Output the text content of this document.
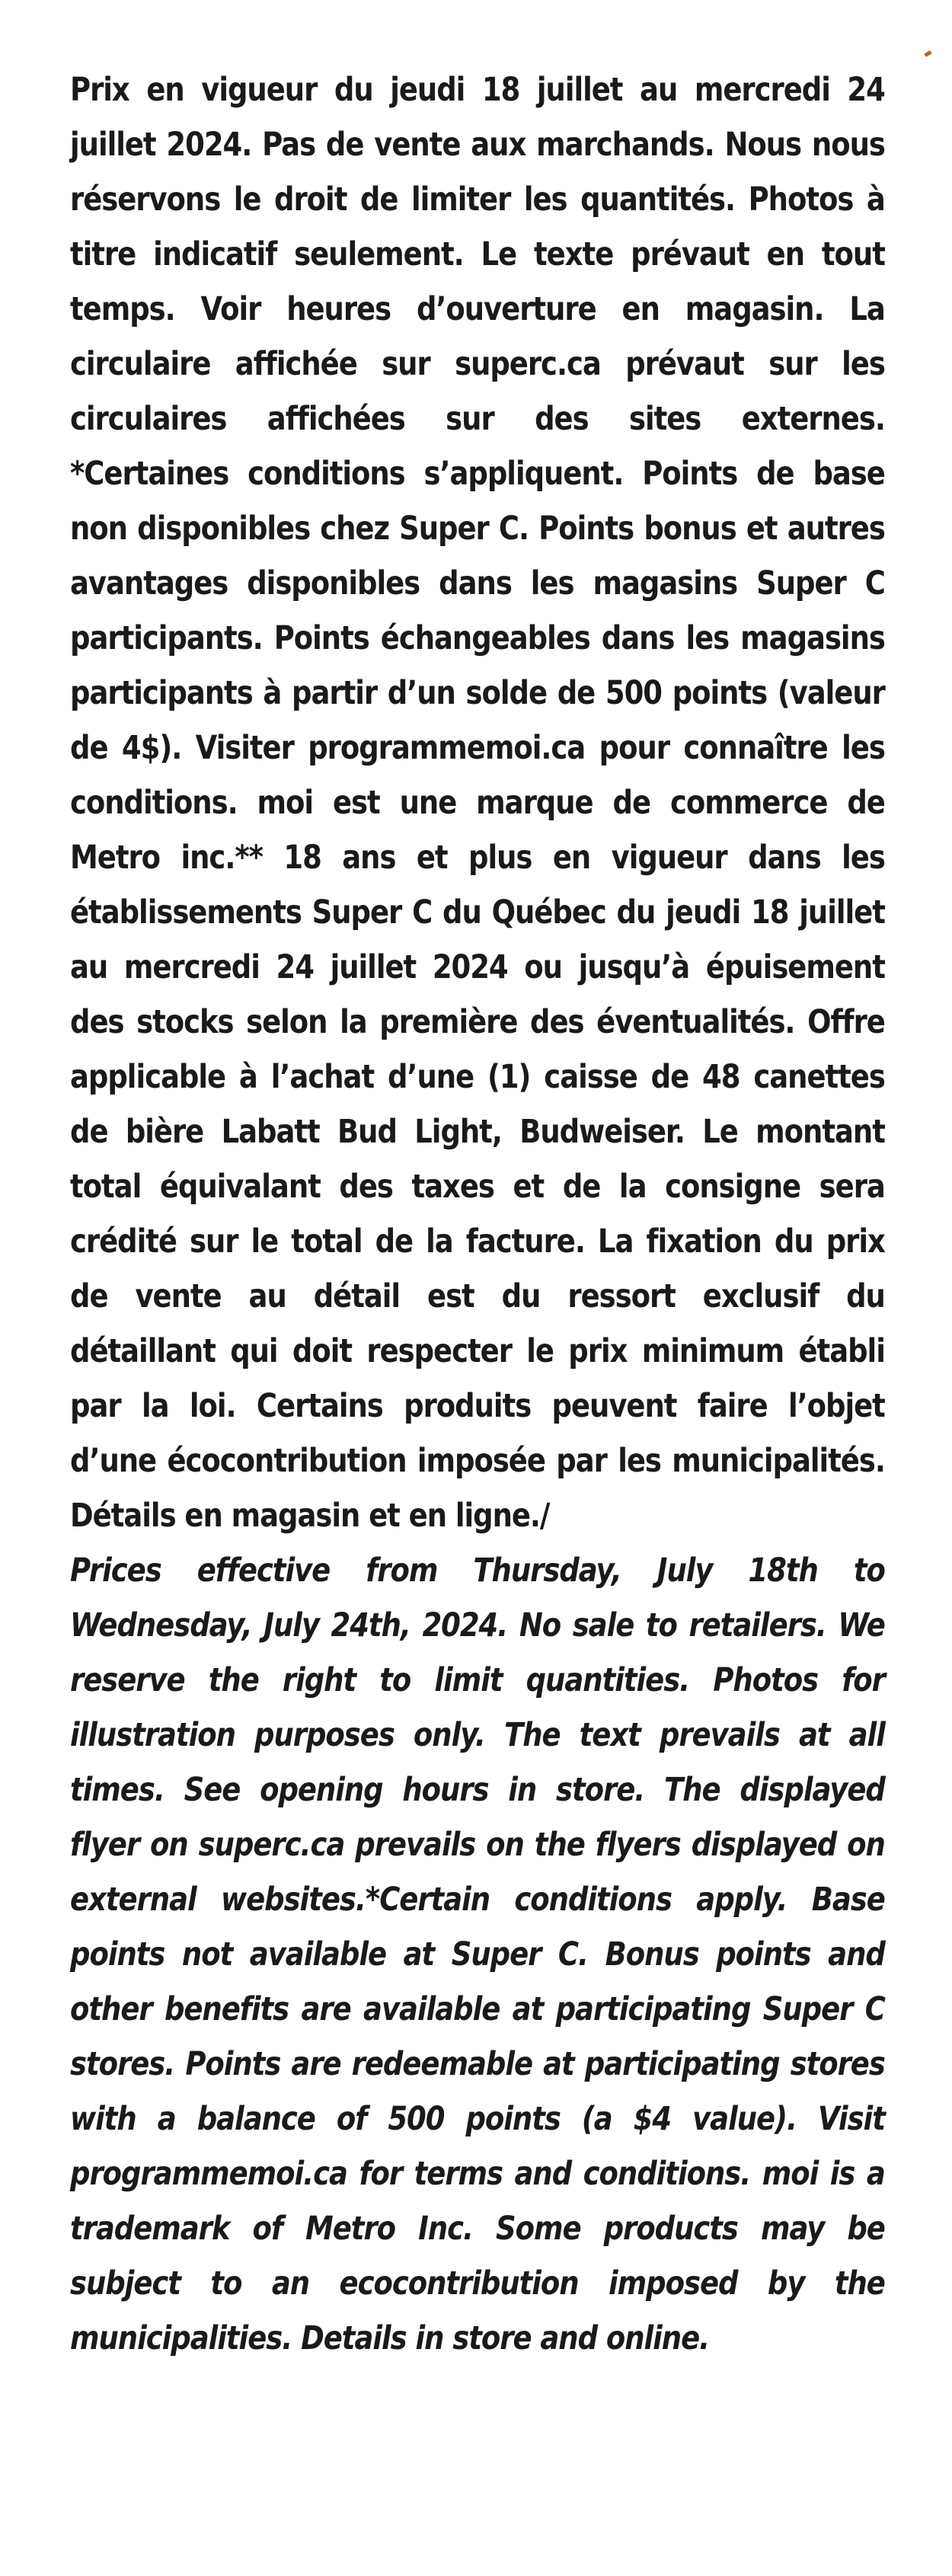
Prix en vigueur du jeudi 18 juillet au mercredi 24 juillet 2024. Pas de vente aux marchands. Nous nous réservons le droit de limiter les quantités. Photos à titre indicatif seulement. Le texte prévaut en tout temps. Voir heures d’ouverture en magasin. La circulaire affichée sur superc.ca prévaut sur les circulaires affichées sur des sites externes. *Certaines conditions s’appliquent. Points de base non disponibles chez Super C. Points bonus et autres avantages disponibles dans les magasins Super C participants. Points échangeables dans les magasins participants à partir d’un solde de 500 points (valeur de 4$). Visiter programmemoi.ca pour connaître les conditions. moi est une marque de commerce de Metro inc.** 18 ans et plus en vigueur dans les établissements Super C du Québec du jeudi 18 juillet au mercredi 24 juillet 2024 ou jusqu’à épuisement des stocks selon la première des éventualités. Offre applicable à l’achat d’une (1) caisse de 48 canettes de bière Labatt Bud Light, Budweiser. Le montant total équivalant des taxes et de la consigne sera crédité sur le total de la facture. La fixation du prix de vente au détail est du ressort exclusif du détaillant qui doit respecter le prix minimum établi par la loi. Certains produits peuvent faire l’objet d’une écocontribution imposée par les municipalités. Détails en magasin et en ligne./

Prices effective from Thursday, July 18th to Wednesday, July 24th, 2024. No sale to retailers. We reserve the right to limit quantities. Photos for illustration purposes only. The text prevails at all times. See opening hours in store. The displayed flyer on superc.ca prevails on the flyers displayed on external websites.*Certain conditions apply. Base points not available at Super C. Bonus points and other benefits are available at participating Super C stores. Points are redeemable at participating stores with a balance of 500 points (a $4 value). Visit programmemoi.ca for terms and conditions. moi is a trademark of Metro Inc. Some products may be subject to an ecocontribution imposed by the municipalities. Details in store and online.
